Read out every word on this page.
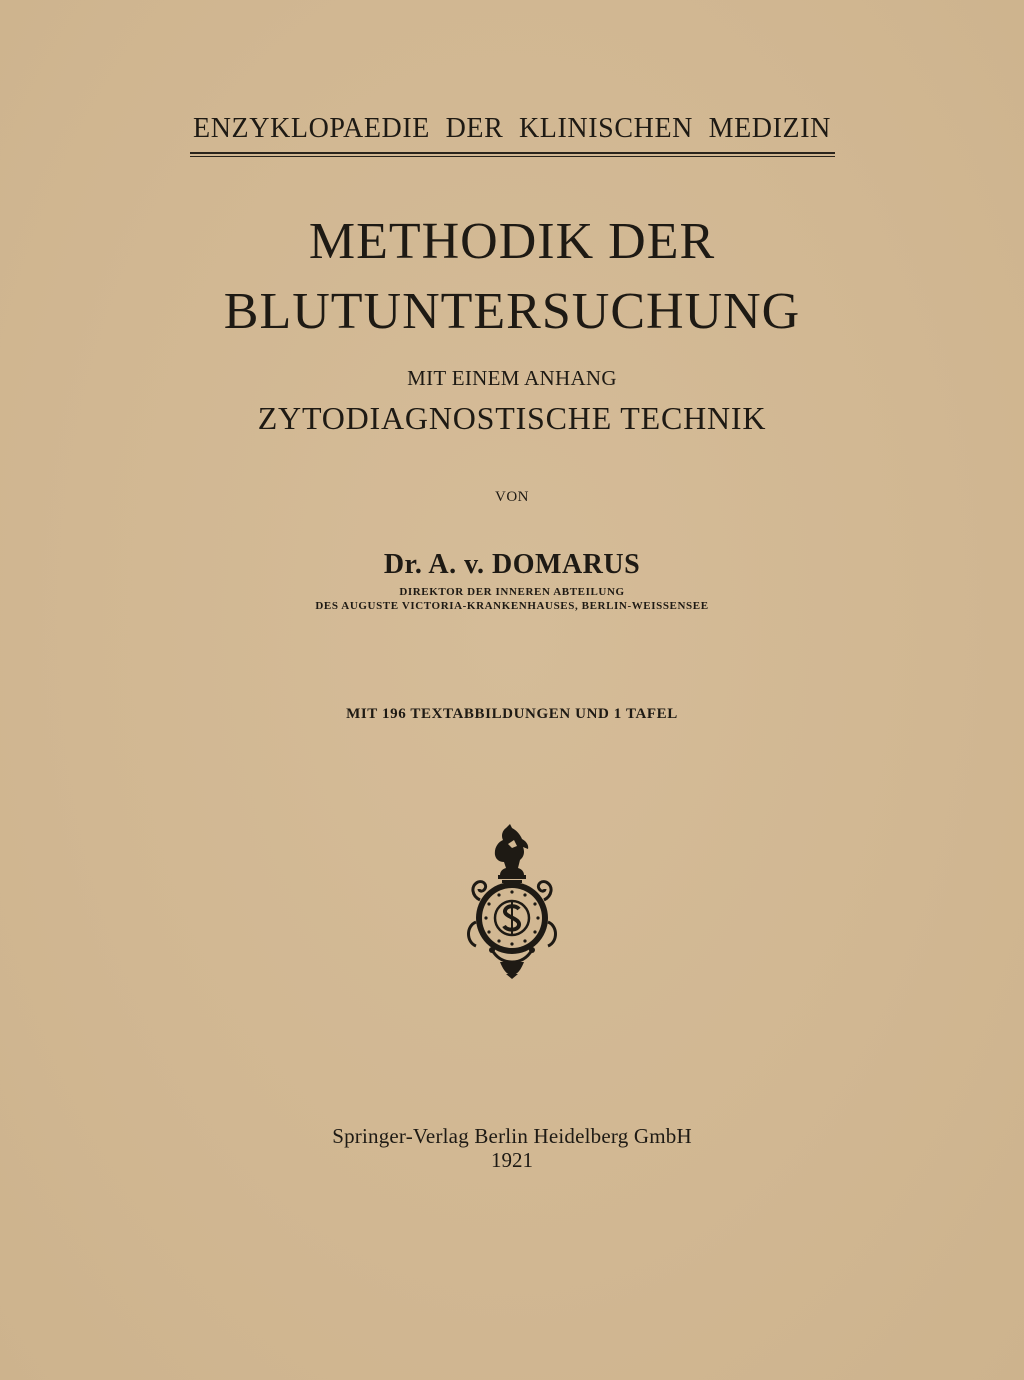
ENZYKLOPAEDIE DER KLINISCHEN MEDIZIN
METHODIK DER
BLUTUNTERSUCHUNG
MIT EINEM ANHANG
ZYTODIAGNOSTISCHE TECHNIK
VON
Dr. A. v. DOMARUS
DIREKTOR DER INNEREN ABTEILUNG
DES AUGUSTE VICTORIA-KRANKENHAUSES, BERLIN-WEISSENSEE
MIT 196 TEXTABBILDUNGEN UND 1 TAFEL
Springer-Verlag Berlin Heidelberg GmbH
1921
